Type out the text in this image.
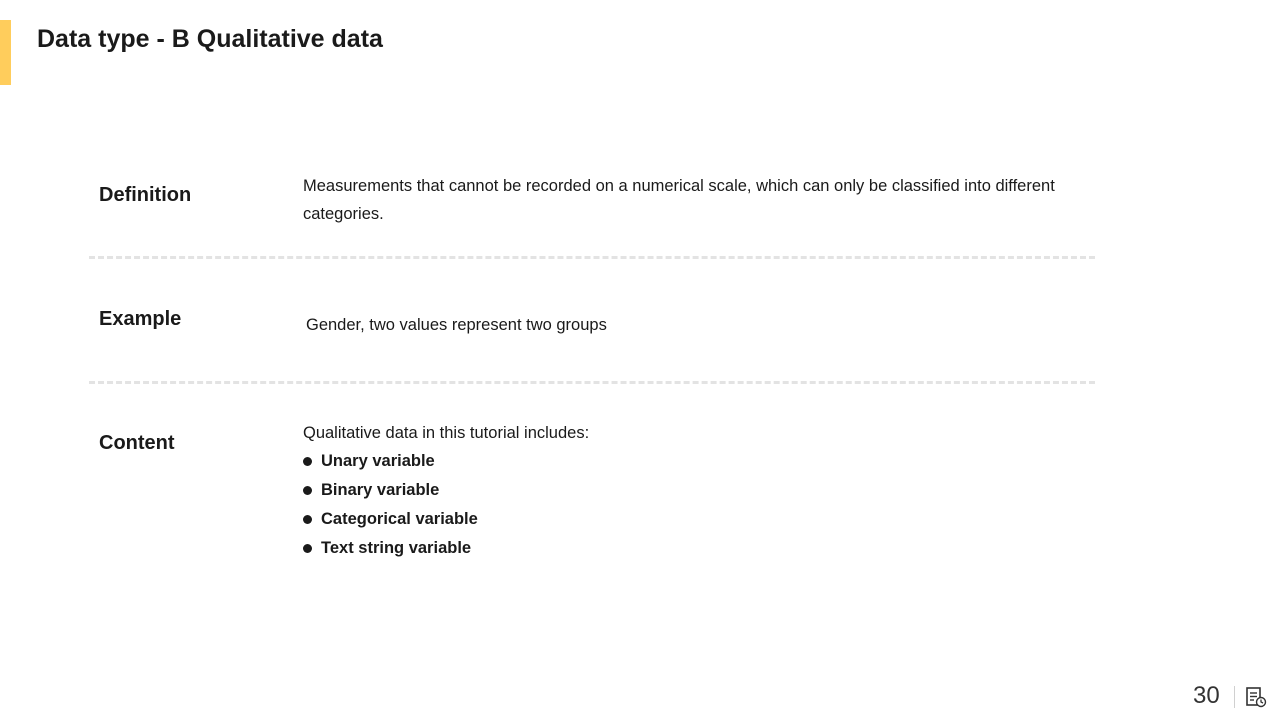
Data type - B Qualitative data
Definition	Measurements that cannot be recorded on a numerical scale, which can only be classified into different categories.
Example	Gender, two values represent two groups
Content	Qualitative data in this tutorial includes:
Unary variable
Binary variable
Categorical variable
Text string variable
30
